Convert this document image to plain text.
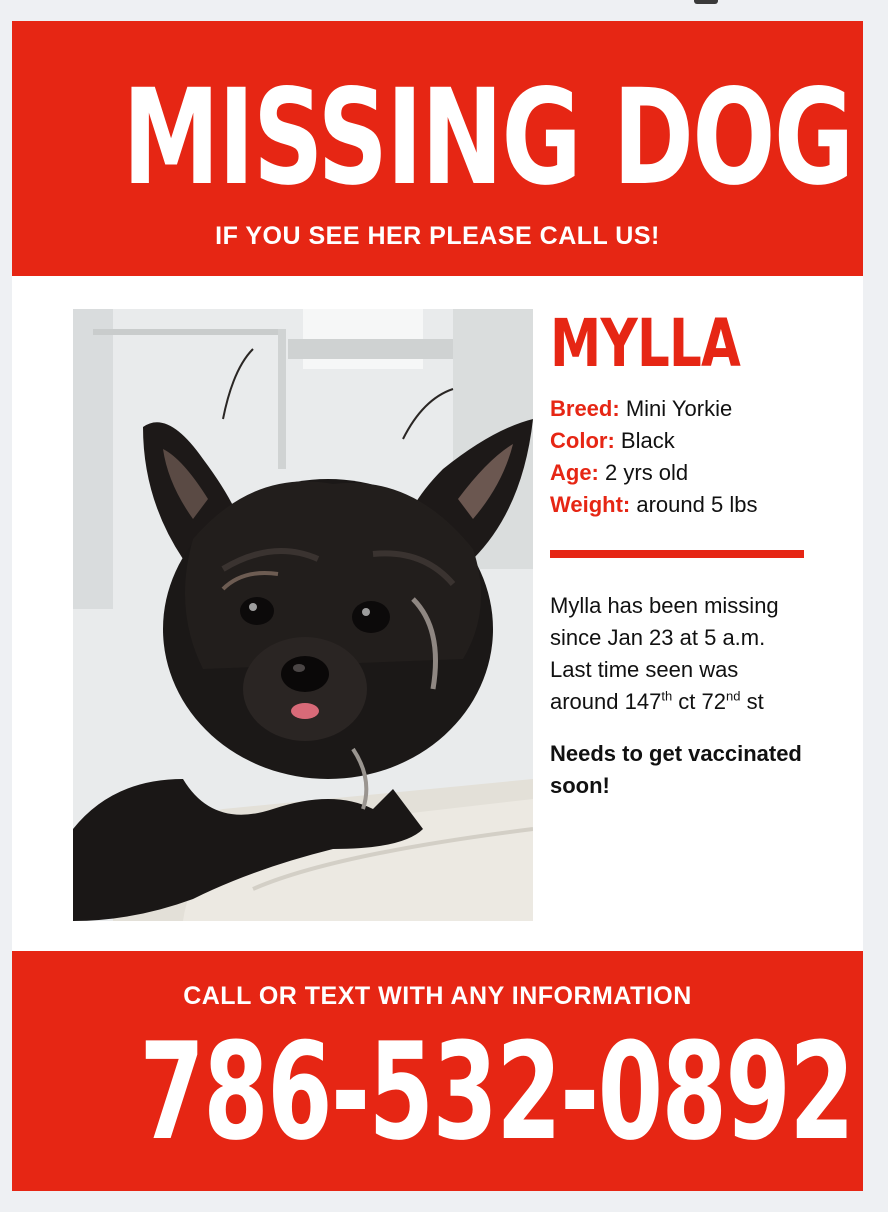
MISSING DOG
IF YOU SEE HER PLEASE CALL US!
MYLLA
Breed: Mini Yorkie
Color: Black
Age: 2 yrs old
Weight: around 5 lbs
Mylla has been missing
since Jan 23 at 5 a.m.
Last time seen was
around 147th ct 72nd st
Needs to get vaccinated soon!
CALL OR TEXT WITH ANY INFORMATION
786-532-0892
